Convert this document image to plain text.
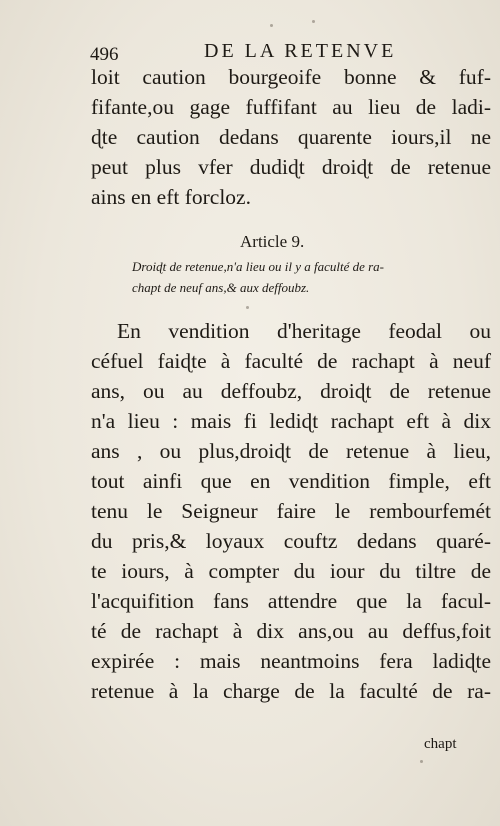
496	DE LA RETENVE
loit caution bourgeoife bonne & fuf-
fifante,ou gage fuffifant au lieu de ladi-
ɖte caution dedans quarente iours,il ne
peut plus vfer dudiɖt droiɖt de retenue
ains en eft forcloz.
Article 9.
Droiɖt de retenue,n'a lieu ou il y a faculté de ra-
chapt de neuf ans,& aux deffoubz.
En vendition d'heritage feodal ou
céfuel faiɖte à faculté de rachapt à neuf
ans, ou au deffoubz, droiɖt de retenue
n'a lieu : mais fi lediɖt rachapt eft à dix
ans , ou plus,droiɖt de retenue à lieu,
tout ainfi que en vendition fimple, eft
tenu le Seigneur faire le rembourfemét
du pris,& loyaux couftz dedans quaré-
te iours, à compter du iour du tiltre de
l'acquifition fans attendre que la facul-
té de rachapt à dix ans,ou au deffus,foit
expirée : mais neantmoins fera ladiɖte
retenue à la charge de la faculté de ra-
chapt
